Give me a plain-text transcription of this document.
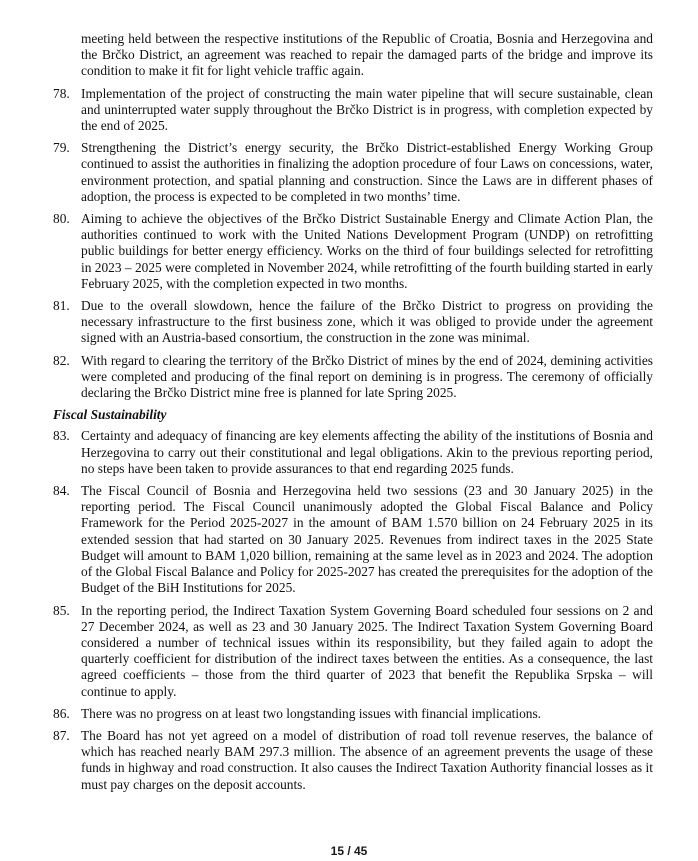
meeting held between the respective institutions of the Republic of Croatia, Bosnia and Herzegovina and the Brčko District, an agreement was reached to repair the damaged parts of the bridge and improve its condition to make it fit for light vehicle traffic again.
78. Implementation of the project of constructing the main water pipeline that will secure sustainable, clean and uninterrupted water supply throughout the Brčko District is in progress, with completion expected by the end of 2025.
79. Strengthening the District’s energy security, the Brčko District-established Energy Working Group continued to assist the authorities in finalizing the adoption procedure of four Laws on concessions, water, environment protection, and spatial planning and construction. Since the Laws are in different phases of adoption, the process is expected to be completed in two months’ time.
80. Aiming to achieve the objectives of the Brčko District Sustainable Energy and Climate Action Plan, the authorities continued to work with the United Nations Development Program (UNDP) on retrofitting public buildings for better energy efficiency. Works on the third of four buildings selected for retrofitting in 2023 – 2025 were completed in November 2024, while retrofitting of the fourth building started in early February 2025, with the completion expected in two months.
81. Due to the overall slowdown, hence the failure of the Brčko District to progress on providing the necessary infrastructure to the first business zone, which it was obliged to provide under the agreement signed with an Austria-based consortium, the construction in the zone was minimal.
82. With regard to clearing the territory of the Brčko District of mines by the end of 2024, demining activities were completed and producing of the final report on demining is in progress. The ceremony of officially declaring the Brčko District mine free is planned for late Spring 2025.
Fiscal Sustainability
83. Certainty and adequacy of financing are key elements affecting the ability of the institutions of Bosnia and Herzegovina to carry out their constitutional and legal obligations. Akin to the previous reporting period, no steps have been taken to provide assurances to that end regarding 2025 funds.
84. The Fiscal Council of Bosnia and Herzegovina held two sessions (23 and 30 January 2025) in the reporting period. The Fiscal Council unanimously adopted the Global Fiscal Balance and Policy Framework for the Period 2025-2027 in the amount of BAM 1.570 billion on 24 February 2025 in its extended session that had started on 30 January 2025. Revenues from indirect taxes in the 2025 State Budget will amount to BAM 1,020 billion, remaining at the same level as in 2023 and 2024. The adoption of the Global Fiscal Balance and Policy for 2025-2027 has created the prerequisites for the adoption of the Budget of the BiH Institutions for 2025.
85. In the reporting period, the Indirect Taxation System Governing Board scheduled four sessions on 2 and 27 December 2024, as well as 23 and 30 January 2025. The Indirect Taxation System Governing Board considered a number of technical issues within its responsibility, but they failed again to adopt the quarterly coefficient for distribution of the indirect taxes between the entities. As a consequence, the last agreed coefficients – those from the third quarter of 2023 that benefit the Republika Srpska – will continue to apply.
86. There was no progress on at least two longstanding issues with financial implications.
87. The Board has not yet agreed on a model of distribution of road toll revenue reserves, the balance of which has reached nearly BAM 297.3 million. The absence of an agreement prevents the usage of these funds in highway and road construction. It also causes the Indirect Taxation Authority financial losses as it must pay charges on the deposit accounts.
15 / 45
